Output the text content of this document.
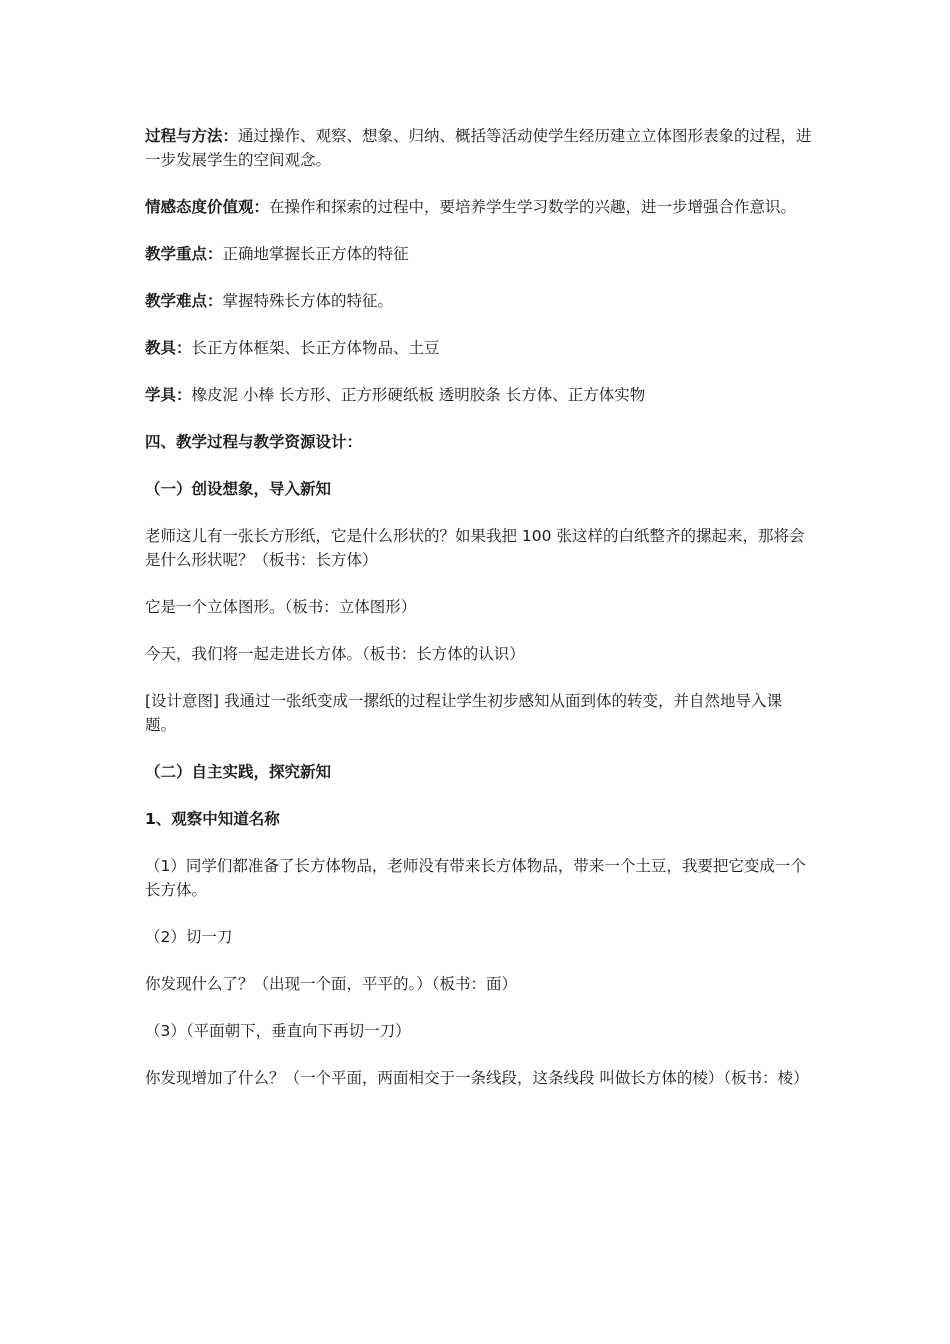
过程与方法：通过操作、观察、想象、归纳、概括等活动使学生经历建立立体图形表象的过程，进一步发展学生的空间观念。

情感态度价值观：在操作和探索的过程中，要培养学生学习数学的兴趣，进一步增强合作意识。

教学重点：正确地掌握长正方体的特征

教学难点：掌握特殊长方体的特征。

教具：长正方体框架、长正方体物品、土豆

学具：橡皮泥 小棒 长方形、正方形硬纸板 透明胶条 长方体、正方体实物

四、教学过程与教学资源设计：

（一）创设想象，导入新知

老师这儿有一张长方形纸，它是什么形状的？如果我把 100 张这样的白纸整齐的摞起来，那将会是什么形状呢？（板书：长方体）

它是一个立体图形。（板书：立体图形）

今天，我们将一起走进长方体。（板书：长方体的认识）

[设计意图] 我通过一张纸变成一摞纸的过程让学生初步感知从面到体的转变，并自然地导入课题。

（二）自主实践，探究新知

1、观察中知道名称

（1）同学们都准备了长方体物品，老师没有带来长方体物品，带来一个土豆，我要把它变成一个长方体。

（2）切一刀

你发现什么了？（出现一个面，平平的。）（板书：面）

（3）（平面朝下，垂直向下再切一刀）

你发现增加了什么？（一个平面，两面相交于一条线段，这条线段 叫做长方体的棱）（板书：棱）
